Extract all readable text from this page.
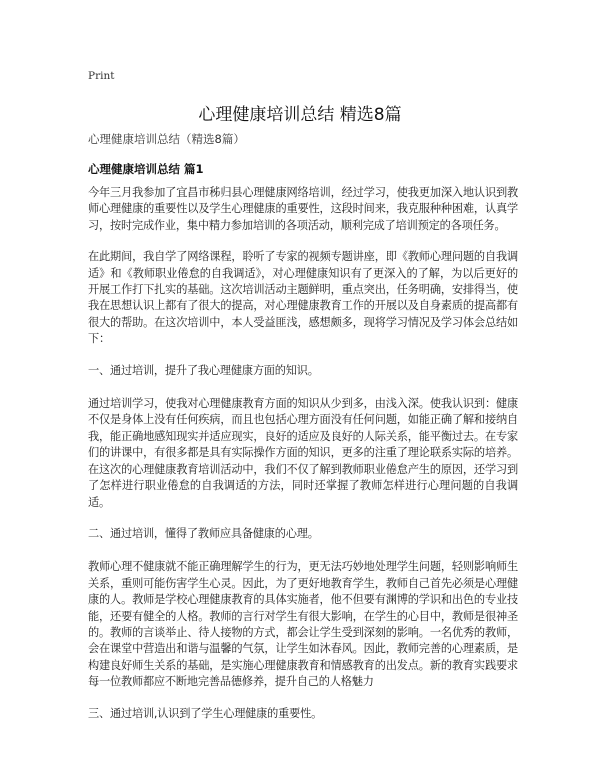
Print
心理健康培训总结 精选8篇
心理健康培训总结（精选8篇）
心理健康培训总结 篇1

今年三月我参加了宜昌市秭归县心理健康网络培训，经过学习，使我更加深入地认识到教师心理健康的重要性以及学生心理健康的重要性，这段时间来，我克服种种困难，认真学习，按时完成作业，集中精力参加培训的各项活动，顺利完成了培训预定的各项任务。

在此期间，我自学了网络课程，聆听了专家的视频专题讲座，即《教师心理问题的自我调适》和《教师职业倦怠的自我调适》，对心理健康知识有了更深入的了解，为以后更好的开展工作打下扎实的基础。这次培训活动主题鲜明，重点突出，任务明确，安排得当，使我在思想认识上都有了很大的提高，对心理健康教育工作的开展以及自身素质的提高都有很大的帮助。在这次培训中，本人受益匪浅，感想颇多，现将学习情况及学习体会总结如下：

一、通过培训，提升了我心理健康方面的知识。

通过培训学习，使我对心理健康教育方面的知识从少到多，由浅入深。使我认识到：健康不仅是身体上没有任何疾病，而且也包括心理方面没有任何问题，如能正确了解和接纳自我，能正确地感知现实并适应现实，良好的适应及良好的人际关系，能平衡过去。在专家们的讲课中，有很多都是具有实际操作方面的知识，更多的注重了理论联系实际的培养。在这次的心理健康教育培训活动中，我们不仅了解到教师职业倦怠产生的原因，还学习到了怎样进行职业倦怠的自我调适的方法，同时还掌握了教师怎样进行心理问题的自我调适。

二、通过培训，懂得了教师应具备健康的心理。

教师心理不健康就不能正确理解学生的行为，更无法巧妙地处理学生问题，轻则影响师生关系，重则可能伤害学生心灵。因此，为了更好地教育学生，教师自己首先必须是心理健康的人。教师是学校心理健康教育的具体实施者，他不但要有渊博的学识和出色的专业技能，还要有健全的人格。教师的言行对学生有很大影响，在学生的心目中，教师是很神圣的。教师的言谈举止、待人接物的方式，都会让学生受到深刻的影响。一名优秀的教师，会在课堂中营造出和谐与温馨的气氛，让学生如沐春风。因此，教师完善的心理素质，是构建良好师生关系的基础，是实施心理健康教育和情感教育的出发点。新的教育实践要求每一位教师都应不断地完善品德修养，提升自己的人格魅力

三、通过培训,认识到了学生心理健康的重要性。
